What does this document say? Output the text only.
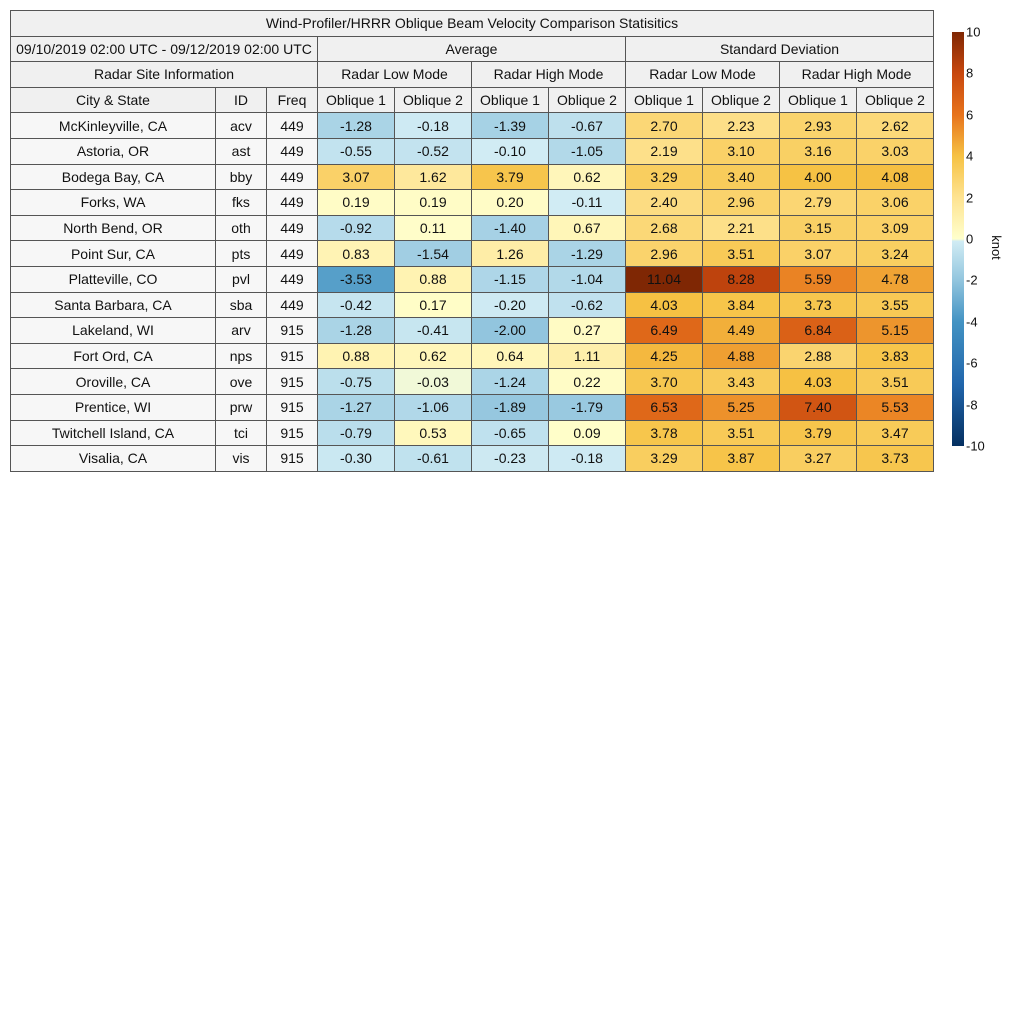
Wind-Profiler/HRRR Oblique Beam Velocity Comparison Statisitics										
09/10/2019 02:00 UTC - 09/12/2019 02:00 UTC			Average				Standard Deviation			
Radar Site Information			Radar Low Mode		Radar High Mode		Radar Low Mode		Radar High Mode	
City & State	ID	Freq	Oblique 1	Oblique 2	Oblique 1	Oblique 2	Oblique 1	Oblique 2	Oblique 1	Oblique 2
McKinleyville, CA	acv	449	-1.28	-0.18	-1.39	-0.67	2.70	2.23	2.93	2.62
Astoria, OR	ast	449	-0.55	-0.52	-0.10	-1.05	2.19	3.10	3.16	3.03
Bodega Bay, CA	bby	449	3.07	1.62	3.79	0.62	3.29	3.40	4.00	4.08
Forks, WA	fks	449	0.19	0.19	0.20	-0.11	2.40	2.96	2.79	3.06
North Bend, OR	oth	449	-0.92	0.11	-1.40	0.67	2.68	2.21	3.15	3.09
Point Sur, CA	pts	449	0.83	-1.54	1.26	-1.29	2.96	3.51	3.07	3.24
Platteville, CO	pvl	449	-3.53	0.88	-1.15	-1.04	11.04	8.28	5.59	4.78
Santa Barbara, CA	sba	449	-0.42	0.17	-0.20	-0.62	4.03	3.84	3.73	3.55
Lakeland, WI	arv	915	-1.28	-0.41	-2.00	0.27	6.49	4.49	6.84	5.15
Fort Ord, CA	nps	915	0.88	0.62	0.64	1.11	4.25	4.88	2.88	3.83
Oroville, CA	ove	915	-0.75	-0.03	-1.24	0.22	3.70	3.43	4.03	3.51
Prentice, WI	prw	915	-1.27	-1.06	-1.89	-1.79	6.53	5.25	7.40	5.53
Twitchell Island, CA	tci	915	-0.79	0.53	-0.65	0.09	3.78	3.51	3.79	3.47
Visalia, CA	vis	915	-0.30	-0.61	-0.23	-0.18	3.29	3.87	3.27	3.73
10
8
6
4
2
0
-2
-4
-6
-8
-10
knot
